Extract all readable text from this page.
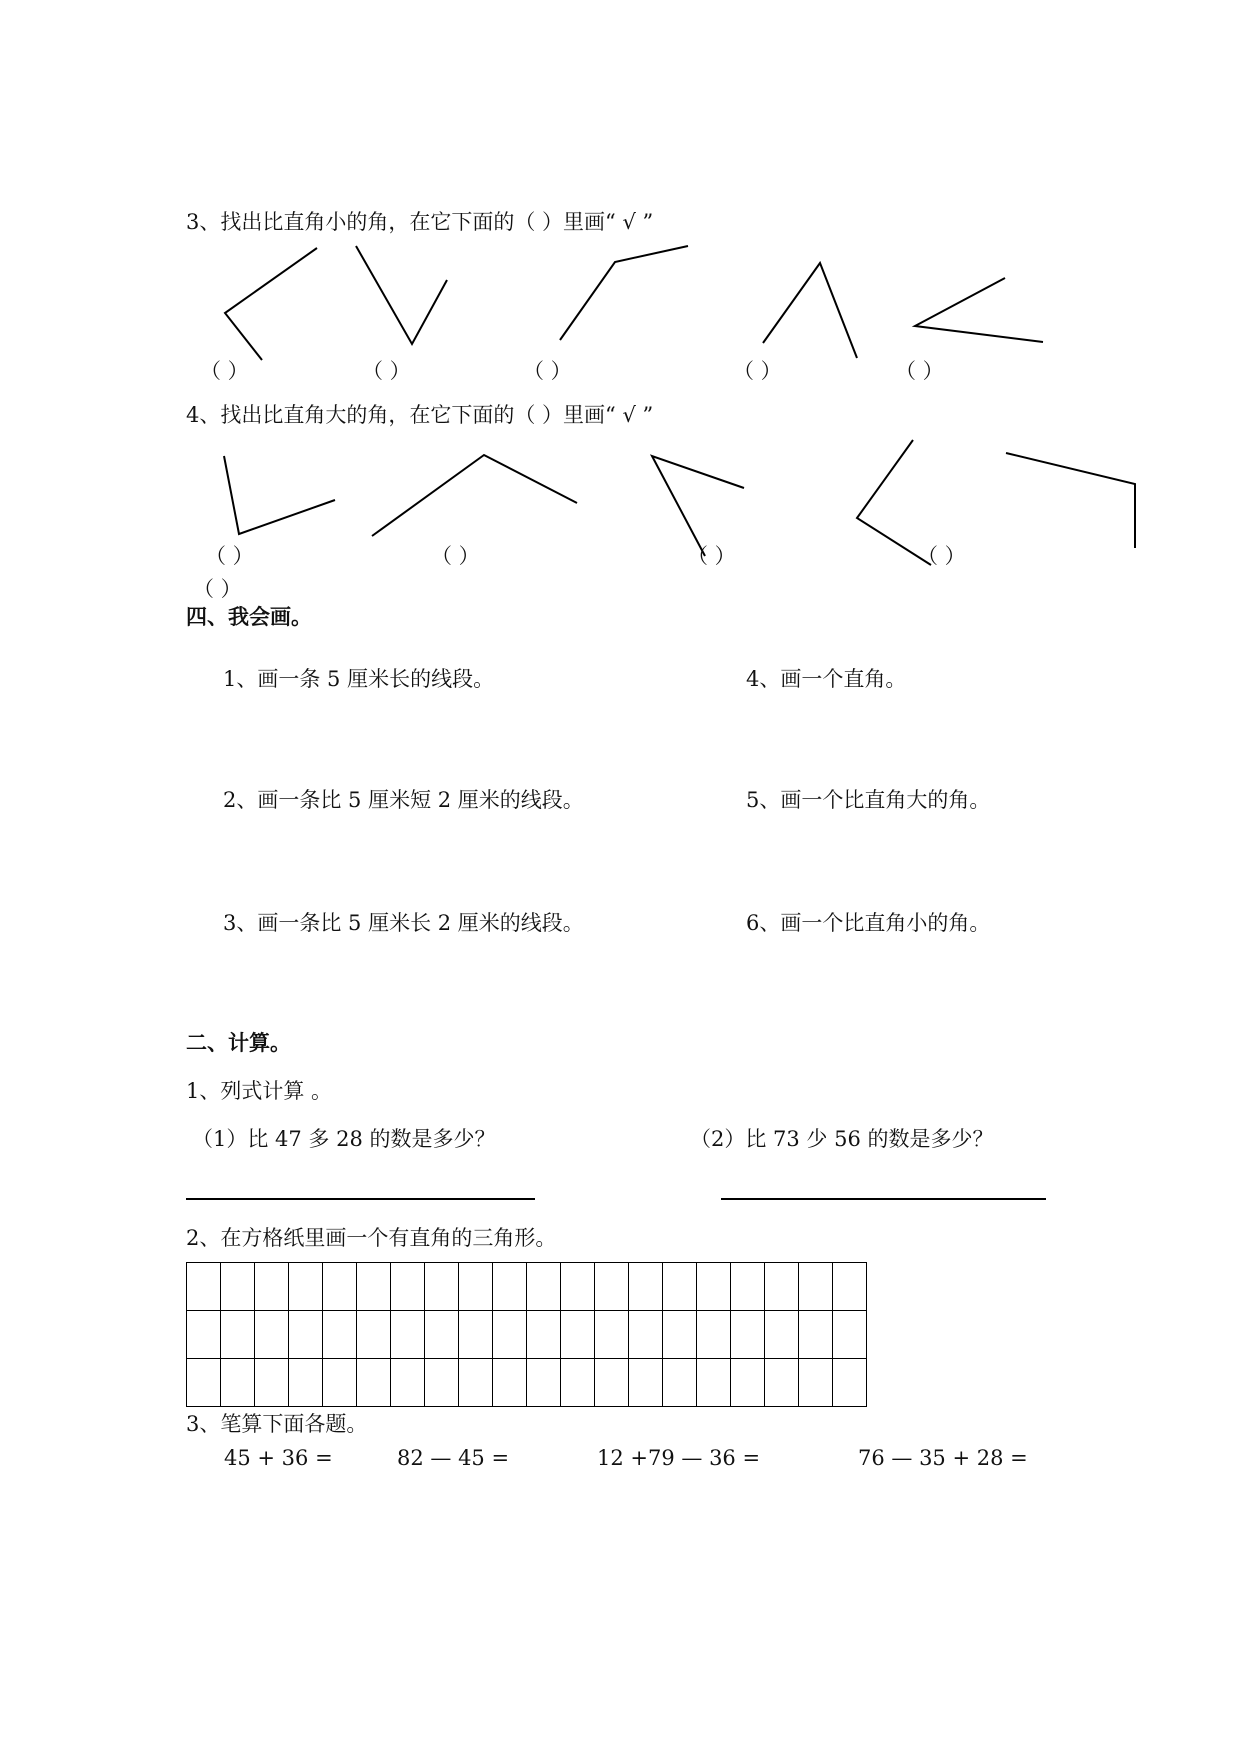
3、找出比直角小的角，在它下面的（ ）里画“ √ ”
（ ）	（ ）	（ ）	（ ）	（ ）
4、找出比直角大的角，在它下面的（ ）里画“ √ ”
（ ）	（ ）	（ ）	（ ）
（ ）
四、我会画。
1、画一条 5 厘米长的线段。
2、画一条比 5 厘米短 2 厘米的线段。
3、画一条比 5 厘米长 2 厘米的线段。
4、画一个直角。
5、画一个比直角大的角。
6、画一个比直角小的角。
二、计算。
1、列式计算 。
（1）比 47 多 28 的数是多少？	（2）比 73 少 56 的数是多少？
2、在方格纸里画一个有直角的三角形。

3、笔算下面各题。
45 + 36 =	82 — 45 =	12 +79 — 36 =	76 — 35 + 28 =
